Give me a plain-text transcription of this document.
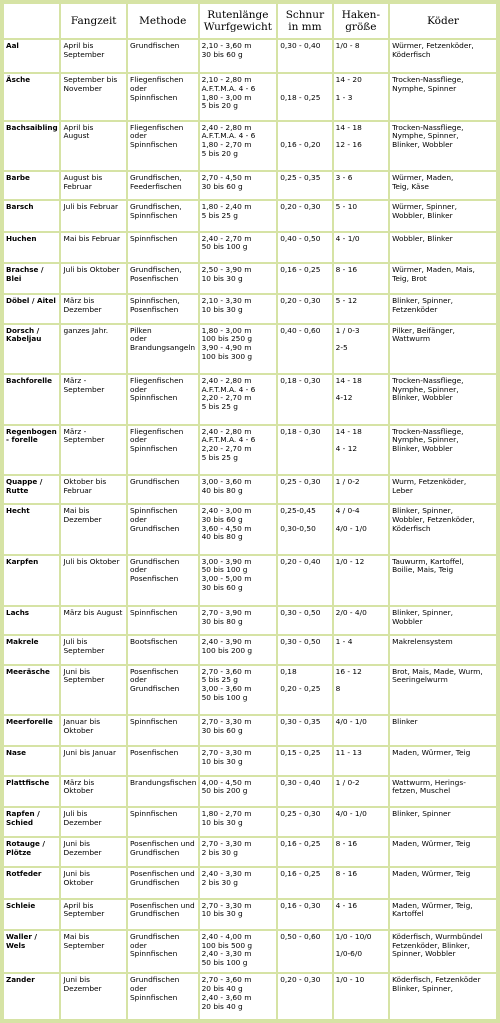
	Fangzeit	Methode	Rutenlänge
Wurfgewicht	Schnur
in mm	Haken-
größe	Köder
Aal	April bis
September	Grundfischen	2,10 - 3,60 m
30 bis 60 g	0,30 - 0,40	1/0 - 8	Würmer, Fetzenköder,
Köderfisch
Äsche	September bis
November	Fliegenfischen
oder
Spinnfischen	2,10 - 2,80 m
A.F.T.M.A. 4 - 6
1,80 - 3,00 m
5 bis 20 g	

0,18 - 0,25	14 - 20

1 - 3	Trocken-Nassfliege,
Nymphe, Spinner
Bachsaibling	April bis
August	Fliegenfischen
oder
Spinnfischen	2,40 - 2,80 m
A.F.T.M.A. 4 - 6
1,80 - 2,70 m
5 bis 20 g	

0,16 - 0,20	14 - 18

12 - 16	Trocken-Nassfliege,
Nymphe, Spinner,
Blinker, Wobbler
Barbe	August bis
Februar	Grundfischen,
Feederfischen	2,70 - 4,50 m
30 bis 60 g	0,25 - 0,35	3 - 6	Würmer, Maden,
Teig, Käse
Barsch	Juli bis Februar	Grundfischen,
Spinnfischen	1,80 - 2,40 m
5 bis 25 g	0,20 - 0,30	5 - 10	Würmer, Spinner,
Wobbler, Blinker
Huchen	Mai bis Februar	Spinnfischen	2,40 - 2,70 m
50 bis 100 g	0,40 - 0,50	4 - 1/0	Wobbler, Blinker
Brachse / Blei	Juli bis Oktober	Grundfischen,
Posenfischen	2,50 - 3,90 m
10 bis 30 g	0,16 - 0,25	8 - 16	Würmer, Maden, Mais,
Teig, Brot
Döbel / Aitel	März bis
Dezember	Spinnfischen,
Posenfischen	2,10 - 3,30 m
10 bis 30 g	0,20 - 0,30	5 - 12	Blinker, Spinner,
Fetzenköder
Dorsch / Kabeljau	ganzes Jahr.	Pilken
oder
Brandungsangeln	1,80 - 3,00 m
100 bis 250 g
3,90 - 4,90 m
100 bis 300 g	0,40 - 0,60	1 / 0-3

2-5	Pilker, Beifänger,
Wattwurm
Bachforelle	März -
September	Fliegenfischen
oder
Spinnfischen	2,40 - 2,80 m
A.F.T.M.A. 4 - 6
2,20 - 2,70 m
5 bis 25 g	0,18 - 0,30	14 - 18

4-12	Trocken-Nassfliege,
Nymphe, Spinner,
Blinker, Wobbler
Regenbogen - forelle	März -
September	Fliegenfischen
oder
Spinnfischen	2,40 - 2,80 m
A.F.T.M.A. 4 - 6
2,20 - 2,70 m
5 bis 25 g	0,18 - 0,30	14 - 18

4 - 12	Trocken-Nassfliege,
Nymphe, Spinner,
Blinker, Wobbler
Quappe / Rutte	Oktober bis
Februar	Grundfischen	3,00 - 3,60 m
40 bis 80 g	0,25 - 0,30	1 / 0-2	Wurm, Fetzenköder,
Leber
Hecht	Mai bis
Dezember	Spinnfischen
oder
Grundfischen	2,40 - 3,00 m
30 bis 60 g
3,60 - 4,50 m
40 bis 80 g	0,25-0,45

0,30-0,50	4 / 0-4

4/0 - 1/0	Blinker, Spinner,
Wobbler, Fetzenköder,
Köderfisch
Karpfen	Juli bis Oktober	Grundfischen
oder
Posenfischen	3,00 - 3,90 m
50 bis 100 g
3,00 - 5,00 m
30 bis 60 g	0,20 - 0,40	1/0 - 12	Tauwurm, Kartoffel,
Boilie, Mais, Teig
Lachs	März bis August	Spinnfischen	2,70 - 3,90 m
30 bis 80 g	0,30 - 0,50	2/0 - 4/0	Blinker, Spinner,
Wobbler
Makrele	Juli bis
September	Bootsfischen	2,40 - 3,90 m
100 bis 200 g	0,30 - 0,50	1 - 4	Makrelensystem
Meeräsche	Juni bis
September	Posenfischen
oder
Grundfischen	2,70 - 3,60 m
5 bis 25 g
3,00 - 3,60 m
50 bis 100 g	0,18

0,20 - 0,25	16 - 12

8	Brot, Mais, Made, Wurm,
Seeringelwurm
Meerforelle	Januar bis
Oktober	Spinnfischen	2,70 - 3,30 m
30 bis 60 g	0,30 - 0,35	4/0 - 1/0	Blinker
Nase	Juni bis Januar	Posenfischen	2,70 - 3,30 m
10 bis 30 g	0,15 - 0,25	11 - 13	Maden, Würmer, Teig
Plattfische	März bis
Oktober	Brandungsfischen	4,00 - 4,50 m
50 bis 200 g	0,30 - 0,40	1 / 0-2	Wattwurm, Herings-
fetzen, Muschel
Rapfen / Schied	Juli bis
Dezember	Spinnfischen	1,80 - 2,70 m
10 bis 30 g	0,25 - 0,30	4/0 - 1/0	Blinker, Spinner
Rotauge / Plötze	Juni bis
Dezember	Posenfischen und
Grundfischen	2,70 - 3,30 m
2 bis 30 g	0,16 - 0,25	8 - 16	Maden, Würmer, Teig
Rotfeder	Juni bis
Oktober	Posenfischen und
Grundfischen	2,40 - 3,30 m
2 bis 30 g	0,16 - 0,25	8 - 16	Maden, Würmer, Teig
Schleie	April bis
September	Posenfischen und
Grundfischen	2,70 - 3,30 m
10 bis 30 g	0,16 - 0,30	4 - 16	Maden, Würmer, Teig,
Kartoffel
Waller / Wels	Mai bis
September	Grundfischen
oder
Spinnfischen	2,40 - 4,00 m
100 bis 500 g
2,40 - 3,30 m
50 bis 100 g	0,50 - 0,60	1/0 - 10/0

1/0-6/0	Köderfisch, Wurmbündel
Fetzenköder, Blinker,
Spinner, Wobbler
Zander	Juni bis
Dezember	Grundfischen
oder
Spinnfischen	2,70 - 3,60 m
20 bis 40 g
2,40 - 3,60 m
20 bis 40 g	0,20 - 0,30	1/0 - 10	Köderfisch, Fetzenköder
Blinker, Spinner,
